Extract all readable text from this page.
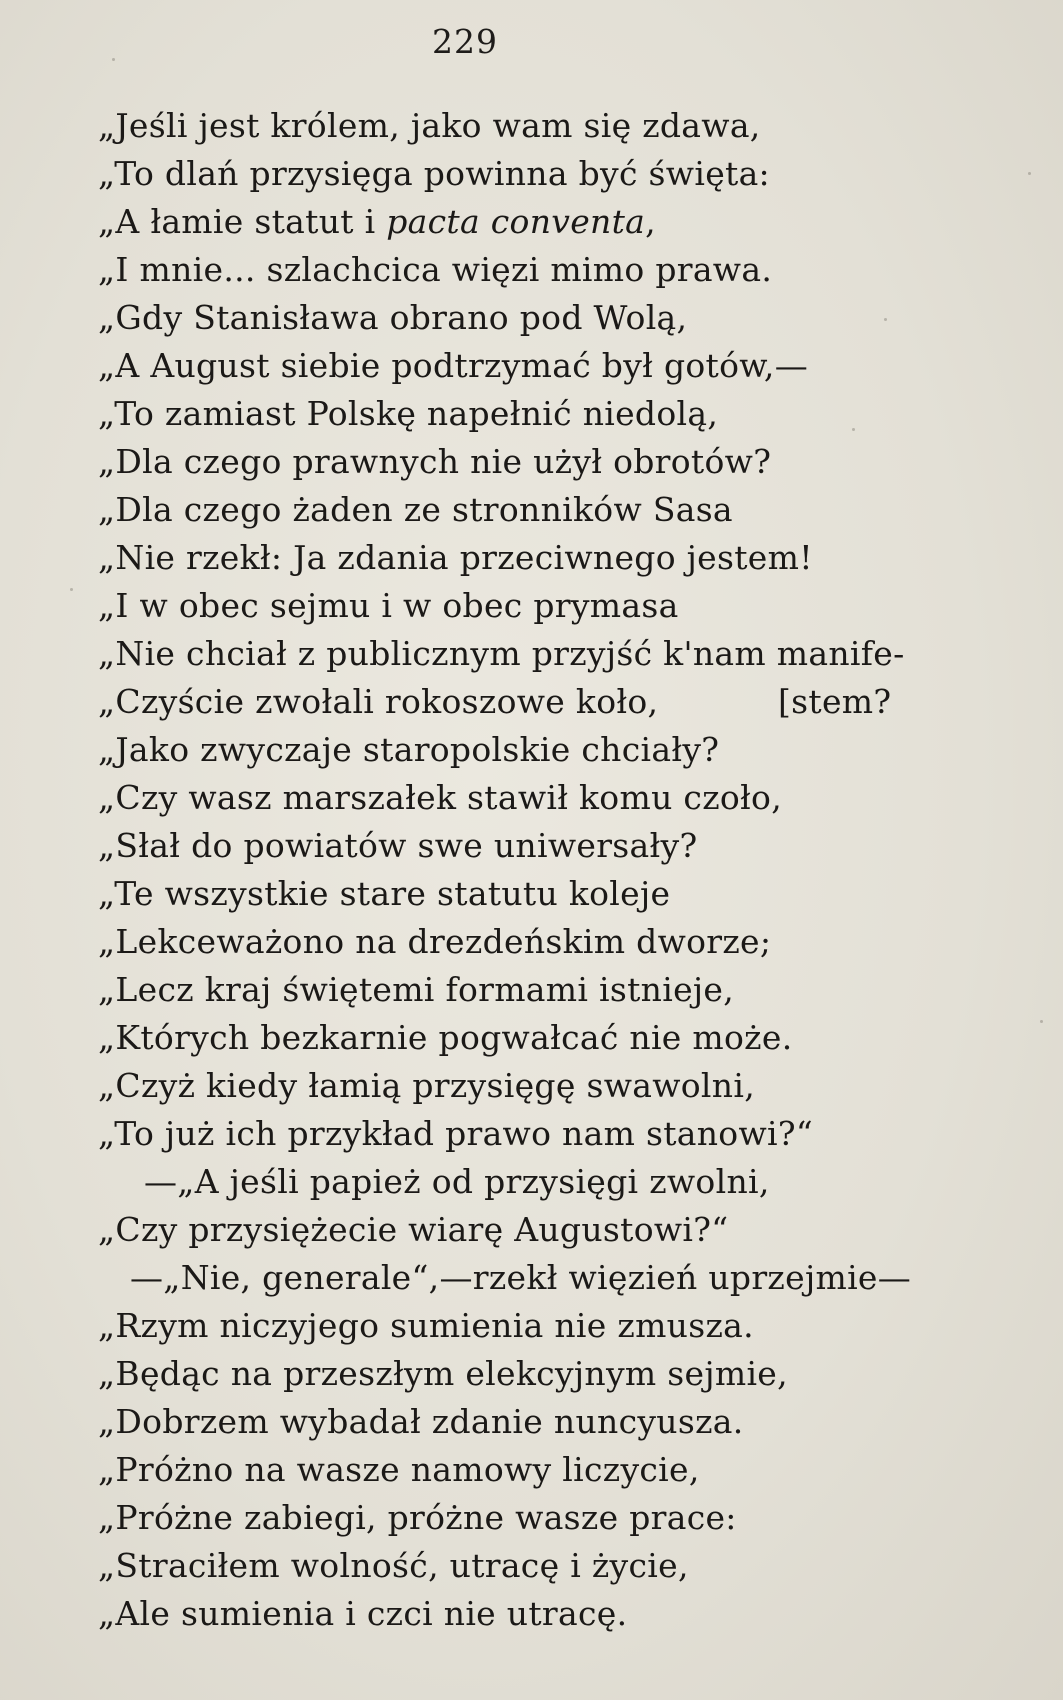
229
„Jeśli jest królem, jako wam się zdawa,
„To dlań przysięga powinna być święta:
„A łamie statut i pacta conventa,
„I mnie... szlachcica więzi mimo prawa.
„Gdy Stanisława obrano pod Wolą,
„A August siebie podtrzymać był gotów,—
„To zamiast Polskę napełnić niedolą,
„Dla czego prawnych nie użył obrotów?
„Dla czego żaden ze stronników Sasa
„Nie rzekł: Ja zdania przeciwnego jestem!
„I w obec sejmu i w obec prymasa
„Nie chciał z publicznym przyjść k'nam manife-
„Czyście zwołali rokoszowe koło,	[stem?
„Jako zwyczaje staropolskie chciały?
„Czy wasz marszałek stawił komu czoło,
„Słał do powiatów swe uniwersały?
„Te wszystkie stare statutu koleje
„Lekceważono na drezdeńskim dworze;
„Lecz kraj świętemi formami istnieje,
„Których bezkarnie pogwałcać nie może.
„Czyż kiedy łamią przysięgę swawolni,
„To już ich przykład prawo nam stanowi?“
—„A jeśli papież od przysięgi zwolni,
„Czy przysiężecie wiarę Augustowi?“
—„Nie, generale“,—rzekł więzień uprzejmie—
„Rzym niczyjego sumienia nie zmusza.
„Będąc na przeszłym elekcyjnym sejmie,
„Dobrzem wybadał zdanie nuncyusza.
„Próżno na wasze namowy liczycie,
„Próżne zabiegi, próżne wasze prace:
„Straciłem wolność, utracę i życie,
„Ale sumienia i czci nie utracę.
